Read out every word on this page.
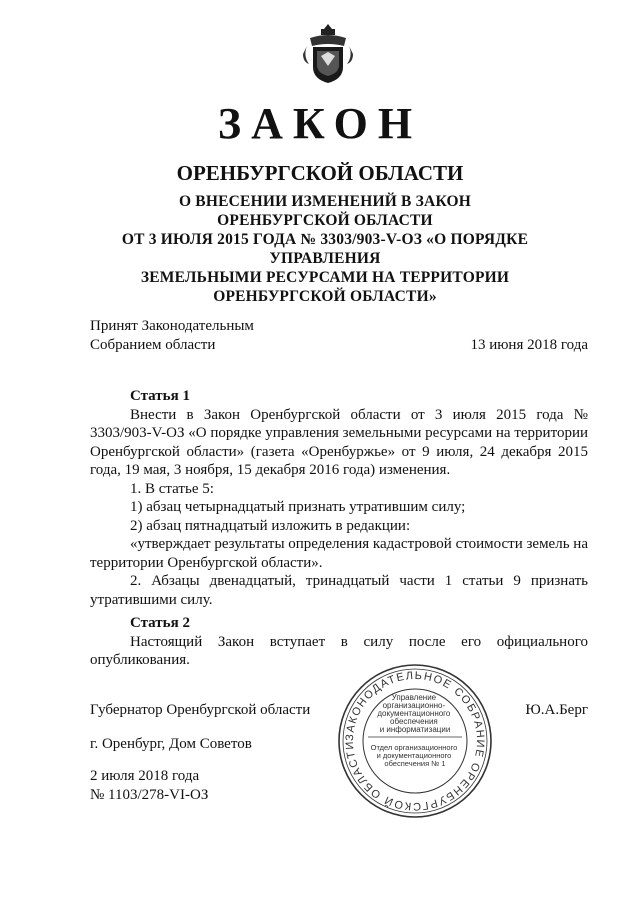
ЗАКОН
ОРЕНБУРГСКОЙ ОБЛАСТИ
О ВНЕСЕНИИ ИЗМЕНЕНИЙ В ЗАКОН
ОРЕНБУРГСКОЙ ОБЛАСТИ
ОТ 3 ИЮЛЯ 2015 ГОДА № 3303/903-V-ОЗ «О ПОРЯДКЕ УПРАВЛЕНИЯ
ЗЕМЕЛЬНЫМИ РЕСУРСАМИ НА ТЕРРИТОРИИ
ОРЕНБУРГСКОЙ ОБЛАСТИ»
Принят Законодательным
Собранием области	13 июня 2018 года
Статья 1
Внести в Закон Оренбургской области от 3 июля 2015 года № 3303/903-V-ОЗ «О порядке управления земельными ресурсами на территории Оренбургской области» (газета «Оренбуржье» от 9 июля, 24 декабря 2015 года, 19 мая, 3 ноября, 15 декабря 2016 года) изменения.
1. В статье 5:
1) абзац четырнадцатый признать утратившим силу;
2) абзац пятнадцатый изложить в редакции:
«утверждает результаты определения кадастровой стоимости земель на территории Оренбургской области».
2. Абзацы двенадцатый, тринадцатый части 1 статьи 9 признать утратившими силу.
Статья 2
Настоящий Закон вступает в силу после его официального опубликования.
Губернатор Оренбургской области	Ю.А.Берг
г. Оренбург, Дом Советов
2 июля 2018 года
№ 1103/278-VI-ОЗ
ЗАКОНОДАТЕЛЬНОЕ СОБРАНИЕ ОРЕНБУРГСКОЙ ОБЛАСТИ
Управление организационно- документационного обеспечения и информатизации
Отдел организационного и документационного обеспечения № 1
